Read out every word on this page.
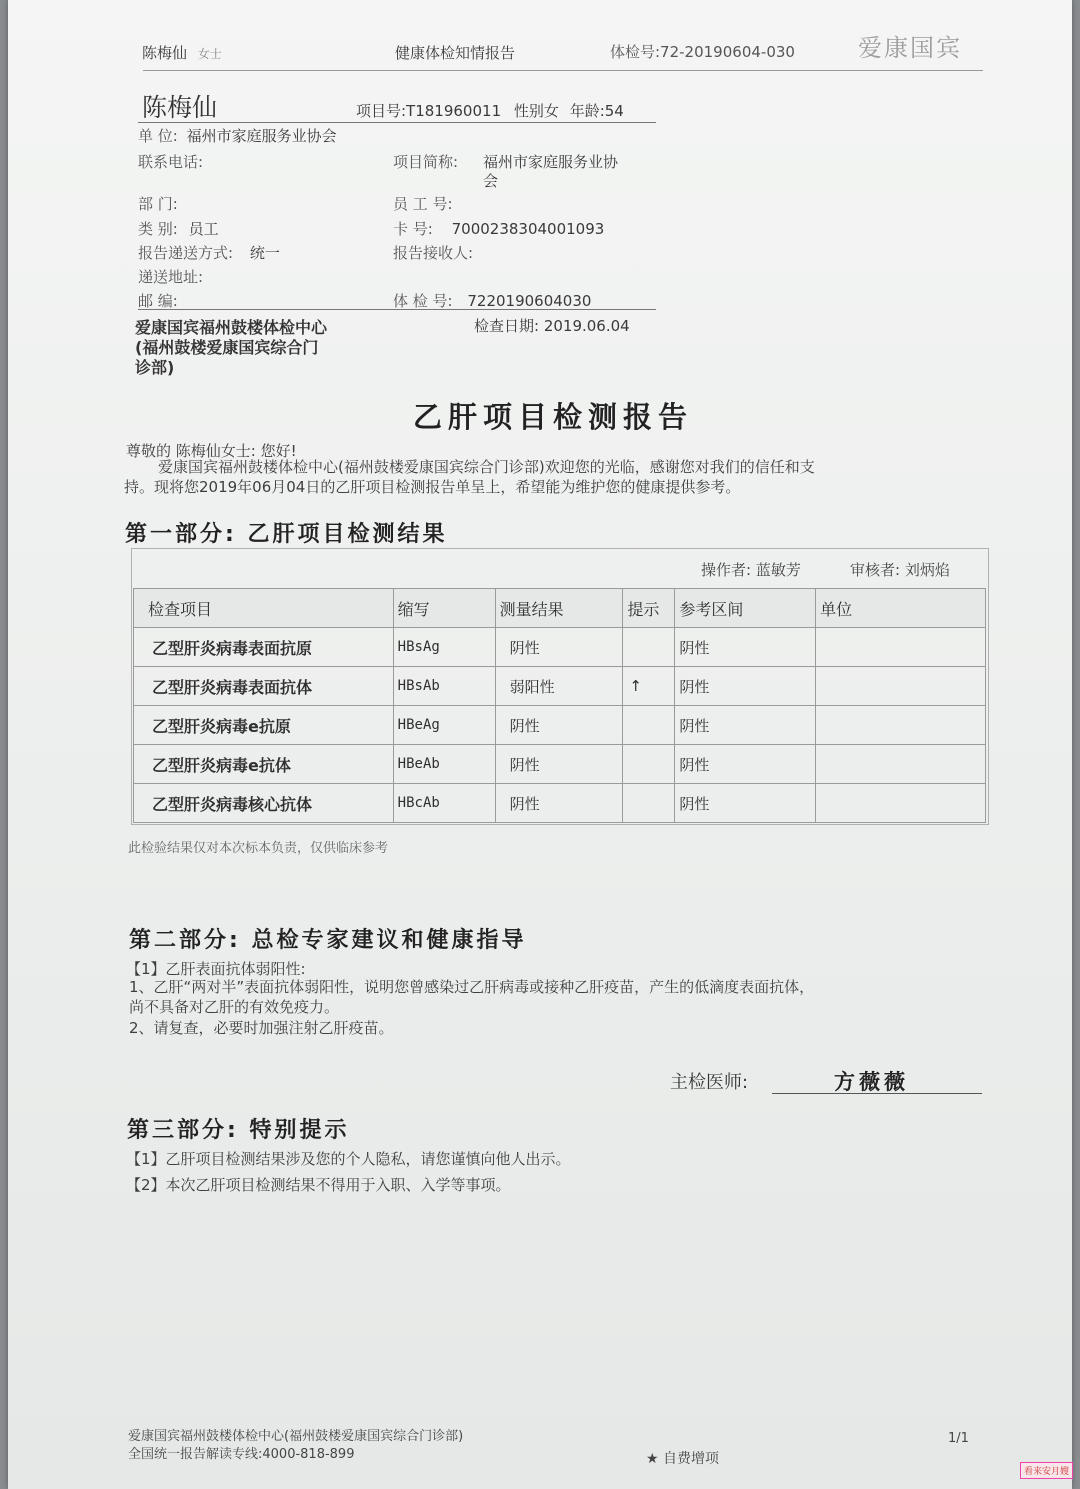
陈梅仙 女士	健康体检知情报告	体检号:72-20190604-030	爱康国宾
陈梅仙	项目号:T181960011 性别女 年龄:54
单 位: 福州市家庭服务业协会
联系电话:	项目简称: 福州市家庭服务业协
会
部 门:	员 工 号:
类 别: 员工	卡 号: 7000238304001093
报告递送方式: 统一	报告接收人:
递送地址:
邮 编:	体 检 号: 7220190604030
爱康国宾福州鼓楼体检中心
(福州鼓楼爱康国宾综合门
诊部)
检查日期: 2019.06.04
乙肝项目检测报告
尊敬的 陈梅仙女士: 您好!
爱康国宾福州鼓楼体检中心(福州鼓楼爱康国宾综合门诊部)欢迎您的光临，感谢您对我们的信任和支
持。现将您2019年06月04日的乙肝项目检测报告单呈上，希望能为维护您的健康提供参考。
第一部分: 乙肝项目检测结果
操作者: 蓝敏芳	审核者: 刘炳焰
检查项目	缩写	测量结果	提示	参考区间	单位
乙型肝炎病毒表面抗原	HBsAg	阴性		阴性	
乙型肝炎病毒表面抗体	HBsAb	弱阳性	↑	阴性	
乙型肝炎病毒e抗原	HBeAg	阴性		阴性	
乙型肝炎病毒e抗体	HBeAb	阴性		阴性	
乙型肝炎病毒核心抗体	HBcAb	阴性		阴性	
此检验结果仅对本次标本负责，仅供临床参考
第二部分: 总检专家建议和健康指导
【1】乙肝表面抗体弱阳性:
1、乙肝“两对半”表面抗体弱阳性，说明您曾感染过乙肝病毒或接种乙肝疫苗，产生的低滴度表面抗体，
尚不具备对乙肝的有效免疫力。
2、请复查，必要时加强注射乙肝疫苗。
主检医师:	方薇薇
第三部分: 特别提示
【1】乙肝项目检测结果涉及您的个人隐私，请您谨慎向他人出示。
【2】本次乙肝项目检测结果不得用于入职、入学等事项。
爱康国宾福州鼓楼体检中心(福州鼓楼爱康国宾综合门诊部)
全国统一报告解读专线:4000-818-899	★ 自费增项
1/1
看来安月嫂
